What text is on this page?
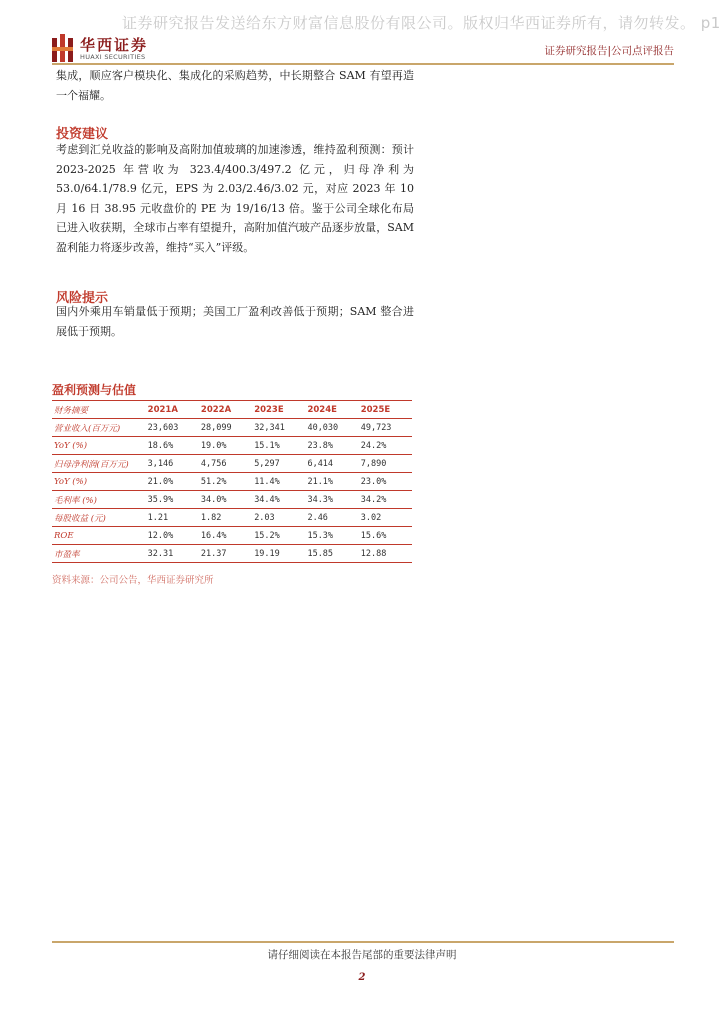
证券研究报告发送给东方财富信息股份有限公司。版权归华西证券所有，请勿转发。 p1
华西证券
HUAXI SECURITIES	证券研究报告|公司点评报告
集成，顺应客户模块化、集成化的采购趋势，中长期整合 SAM 有望再造一个福耀。
投资建议
考虑到汇兑收益的影响及高附加值玻璃的加速渗透，维持盈利预测：预计 2023-2025 年营收为 323.4/400.3/497.2 亿元，归母净利为 53.0/64.1/78.9 亿元，EPS 为 2.03/2.46/3.02 元，对应 2023 年 10 月 16 日 38.95 元收盘价的 PE 为 19/16/13 倍。鉴于公司全球化布局已进入收获期，全球市占率有望提升，高附加值汽玻产品逐步放量，SAM 盈利能力将逐步改善，维持“买入”评级。
风险提示
国内外乘用车销量低于预期；美国工厂盈利改善低于预期；SAM 整合进展低于预期。
盈利预测与估值
财务摘要	2021A	2022A	2023E	2024E	2025E
营业收入(百万元)	23,603	28,099	32,341	40,030	49,723
YoY (%)	18.6%	19.0%	15.1%	23.8%	24.2%
归母净利润(百万元)	3,146	4,756	5,297	6,414	7,890
YoY (%)	21.0%	51.2%	11.4%	21.1%	23.0%
毛利率 (%)	35.9%	34.0%	34.4%	34.3%	34.2%
每股收益 (元)	1.21	1.82	2.03	2.46	3.02
ROE	12.0%	16.4%	15.2%	15.3%	15.6%
市盈率	32.31	21.37	19.19	15.85	12.88
资料来源：公司公告，华西证券研究所
请仔细阅读在本报告尾部的重要法律声明
2
